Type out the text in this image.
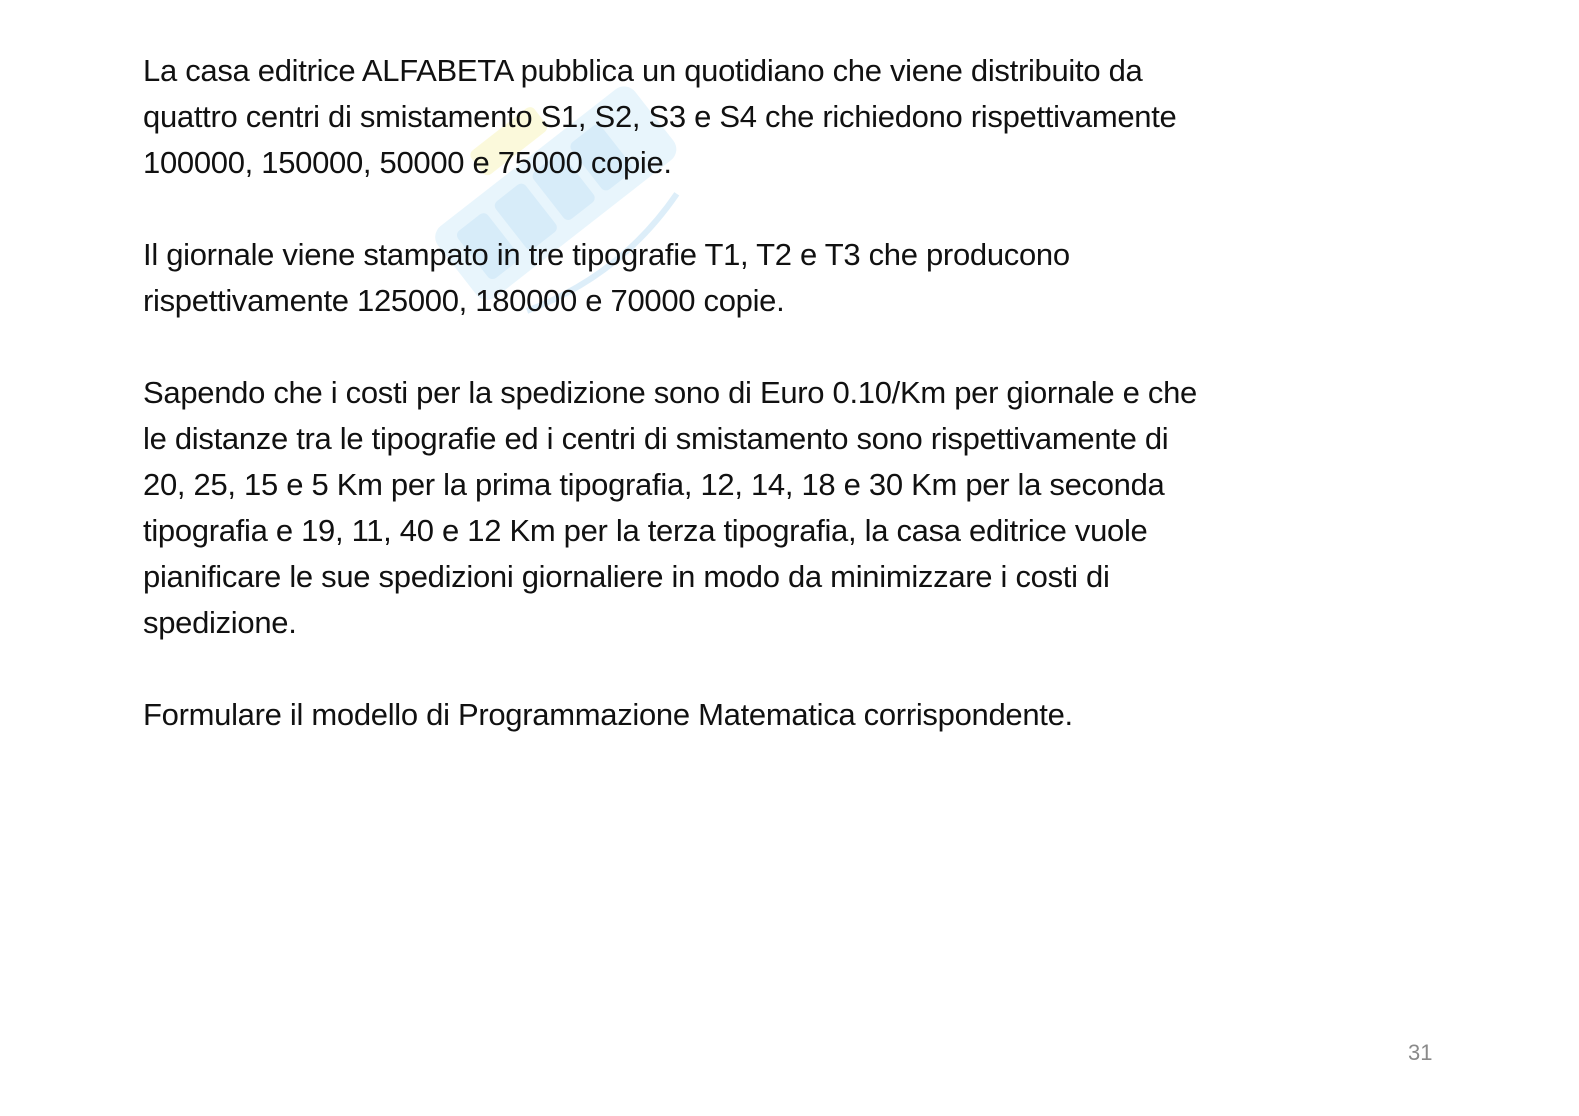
La casa editrice ALFABETA pubblica un quotidiano che viene distribuito da
quattro centri di smistamento S1, S2, S3 e S4 che richiedono rispettivamente
100000, 150000, 50000 e 75000 copie.

Il giornale viene stampato in tre tipografie T1, T2 e T3 che producono
rispettivamente 125000, 180000 e 70000 copie.

Sapendo che i costi per la spedizione sono di Euro 0.10/Km per giornale e che
le distanze tra le tipografie ed i centri di smistamento sono rispettivamente di
20, 25, 15 e 5 Km per la prima tipografia, 12, 14, 18 e 30 Km per la seconda
tipografia e 19, 11, 40 e 12 Km per la terza tipografia, la casa editrice vuole
pianificare le sue spedizioni giornaliere in modo da minimizzare i costi di
spedizione.

Formulare il modello di Programmazione Matematica corrispondente.

31
